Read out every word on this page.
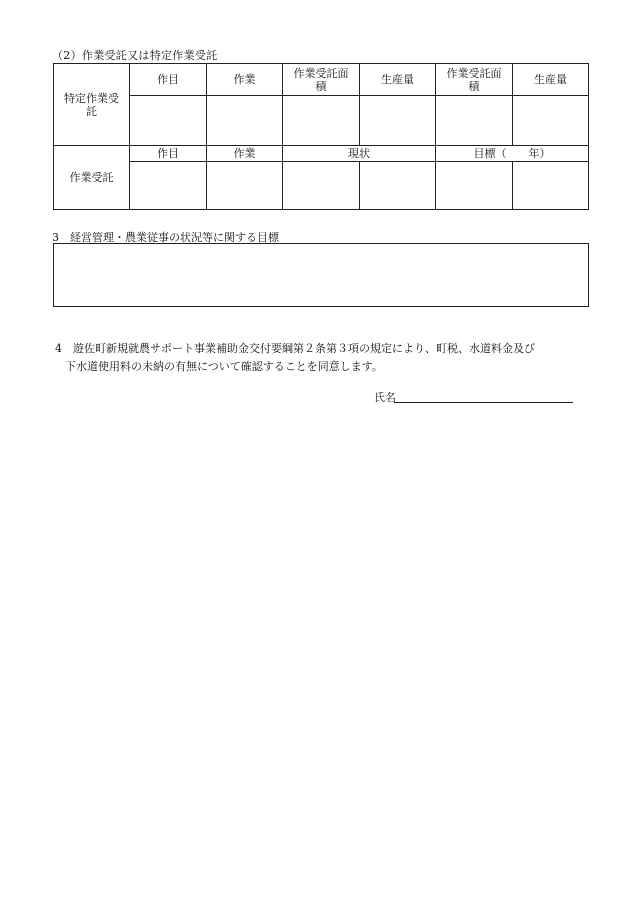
（2）作業受託又は特定作業受託
特定作業受託	作目	作業	作業受託面積	生産量	作業受託面積	生産量

作業受託	作目	作業	現状		目標（　　年）	

3　経営管理・農業従事の状況等に関する目標
4　遊佐町新規就農サポート事業補助金交付要綱第２条第３項の規定により、町税、水道料金及び
下水道使用料の未納の有無について確認することを同意します。
氏名
